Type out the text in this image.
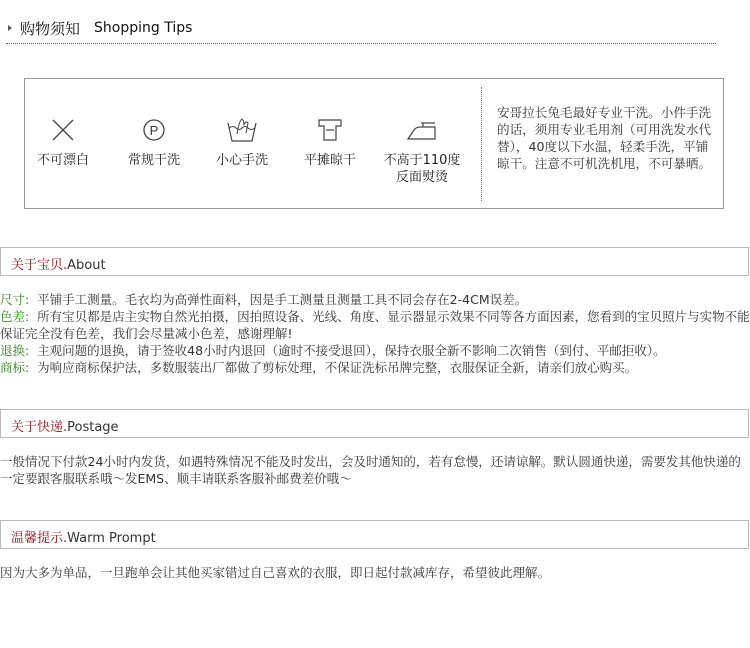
购物须知 Shopping Tips
不可漂白
P
常规干洗	小心手洗	平摊晾干	不高于110度
反面熨烫
安哥拉长兔毛最好专业干洗。小件手洗的话，须用专业毛用剂（可用洗发水代替），40度以下水温，轻柔手洗，平铺晾干。注意不可机洗机甩，不可暴晒。
关于宝贝.About
尺寸: 平铺手工测量。毛衣均为高弹性面料，因是手工测量且测量工具不同会存在2-4CM误差。
色差: 所有宝贝都是店主实物自然光拍摄，因拍照设备、光线、角度、显示器显示效果不同等各方面因素，您看到的宝贝照片与实物不能保证完全没有色差，我们会尽量减小色差，感谢理解!
退换: 主观问题的退换，请于签收48小时内退回（逾时不接受退回），保持衣服全新不影响二次销售（到付、平邮拒收）。
商标: 为响应商标保护法，多数服装出厂都做了剪标处理，不保证洗标吊牌完整，衣服保证全新，请亲们放心购买。
关于快递.Postage
一般情况下付款24小时内发货，如遇特殊情况不能及时发出，会及时通知的，若有怠慢，还请谅解。默认圆通快递，需要发其他快递的一定要跟客服联系哦～发EMS、顺丰请联系客服补邮费差价哦～
温馨提示.Warm Prompt
因为大多为单品，一旦跑单会让其他买家错过自己喜欢的衣服，即日起付款减库存，希望彼此理解。
